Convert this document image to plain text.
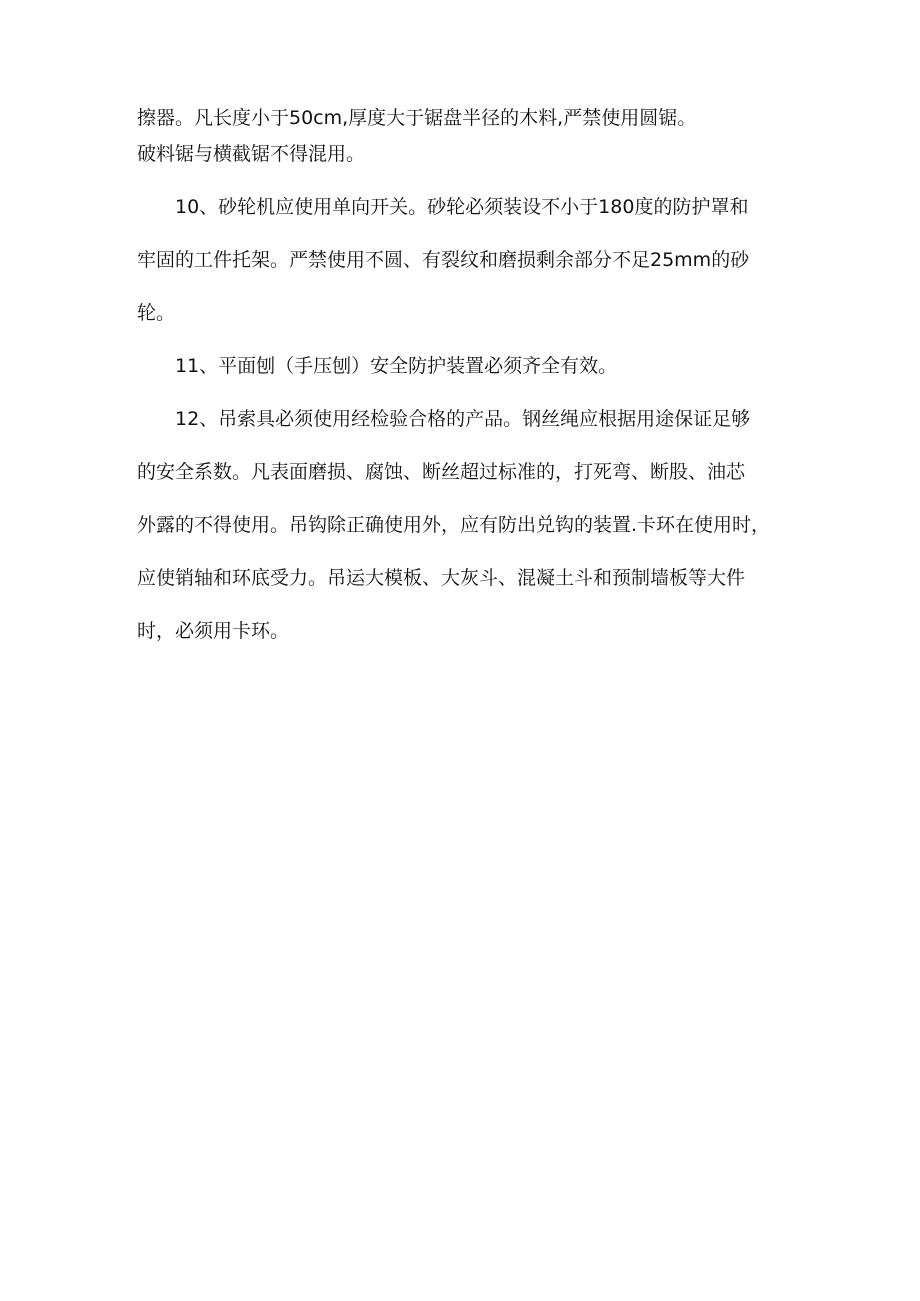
擦器。凡长度小于50cm,厚度大于锯盘半径的木料,严禁使用圆锯。
破料锯与横截锯不得混用。
10、砂轮机应使用单向开关。砂轮必须装设不小于180度的防护罩和
牢固的工件托架。严禁使用不圆、有裂纹和磨损剩余部分不足25mm的砂
轮。
11、平面刨（手压刨）安全防护装置必须齐全有效。
12、吊索具必须使用经检验合格的产品。钢丝绳应根据用途保证足够
的安全系数。凡表面磨损、腐蚀、断丝超过标准的，打死弯、断股、油芯
外露的不得使用。吊钩除正确使用外，应有防出兑钩的装置.卡环在使用时，
应使销轴和环底受力。吊运大模板、大灰斗、混凝土斗和预制墙板等大件
时，必须用卡环。
